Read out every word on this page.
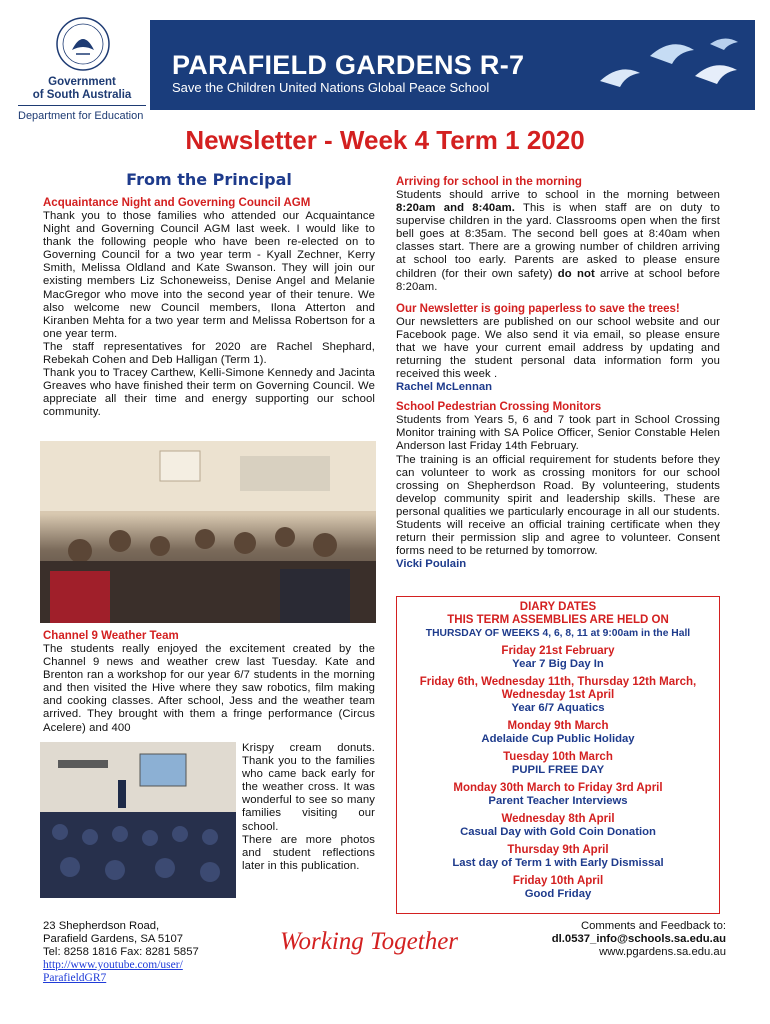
Government
of South Australia
Department for Education
PARAFIELD GARDENS R-7
Save the Children United Nations Global Peace School
Newsletter - Week 4 Term 1 2020
From the Principal
Acquaintance Night and Governing Council AGM

Thank you to those families who attended our Acquaintance Night and Governing Council AGM last week. I would like to thank the following people who have been re-elected on to Governing Council for a two year term - Kyall Zechner, Kerry Smith, Melissa Oldland and Kate Swanson. They will join our existing members Liz Schoneweiss, Denise Angel and Melanie MacGregor who move into the second year of their tenure. We also welcome new Council members, Ilona Atterton and Kiranben Mehta for a two year term and Melissa Robertson for a one year term.

The staff representatives for 2020 are Rachel Shephard, Rebekah Cohen and Deb Halligan (Term 1).

Thank you to Tracey Carthew, Kelli-Simone Kennedy and Jacinta Greaves who have finished their term on Governing Council. We appreciate all their time and energy supporting our school community.

Channel 9 Weather Team

The students really enjoyed the excitement created by the Channel 9 news and weather crew last Tuesday. Kate and Brenton ran a workshop for our year 6/7 students in the morning and then visited the Hive where they saw robotics, film making and cooking classes. After school, Jess and the weather team arrived. They brought with them a fringe performance (Circus Acelere) and 400

Krispy cream donuts. Thank you to the families who came back early for the weather cross. It was wonderful to see so many families visiting our school.

There are more photos and student reflections later in this publication.

Arriving for school in the morning

Students should arrive to school in the morning between 8:20am and 8:40am. This is when staff are on duty to supervise children in the yard. Classrooms open when the first bell goes at 8:35am. The second bell goes at 8:40am when classes start. There are a growing number of children arriving at school too early. Parents are asked to please ensure children (for their own safety) do not arrive at school before 8:20am.

Our Newsletter is going paperless to save the trees!

Our newsletters are published on our school website and our Facebook page. We also send it via email, so please ensure that we have your current email address by updating and returning the student personal data information form you received this week .

Rachel McLennan

School Pedestrian Crossing Monitors

Students from Years 5, 6 and 7 took part in School Crossing Monitor training with SA Police Officer, Senior Constable Helen Anderson last Friday 14th February.

The training is an official requirement for students before they can volunteer to work as crossing monitors for our school crossing on Shepherdson Road. By volunteering, students develop community spirit and leadership skills. These are personal qualities we particularly encourage in all our students. Students will receive an official training certificate when they return their permission slip and agree to volunteer. Consent forms need to be returned by tomorrow.

Vicki Poulain

DIARY DATES
THIS TERM ASSEMBLIES ARE HELD ON
THURSDAY OF WEEKS 4, 6, 8, 11 at 9:00am in the Hall
Friday 21st February
Year 7 Big Day In
Friday 6th, Wednesday 11th, Thursday 12th March, Wednesday 1st April
Year 6/7 Aquatics
Monday 9th March
Adelaide Cup Public Holiday
Tuesday 10th March
PUPIL FREE DAY
Monday 30th March to Friday 3rd April
Parent Teacher Interviews
Wednesday 8th April
Casual Day with Gold Coin Donation
Thursday 9th April
Last day of Term 1 with Early Dismissal
Friday 10th April
Good Friday
23 Shepherdson Road,
Parafield Gardens, SA 5107
Tel: 8258 1816 Fax: 8281 5857
http://www.youtube.com/user/
ParafieldGR7
Working Together
Comments and Feedback to:
dl.0537_info@schools.sa.edu.au
www.pgardens.sa.edu.au
